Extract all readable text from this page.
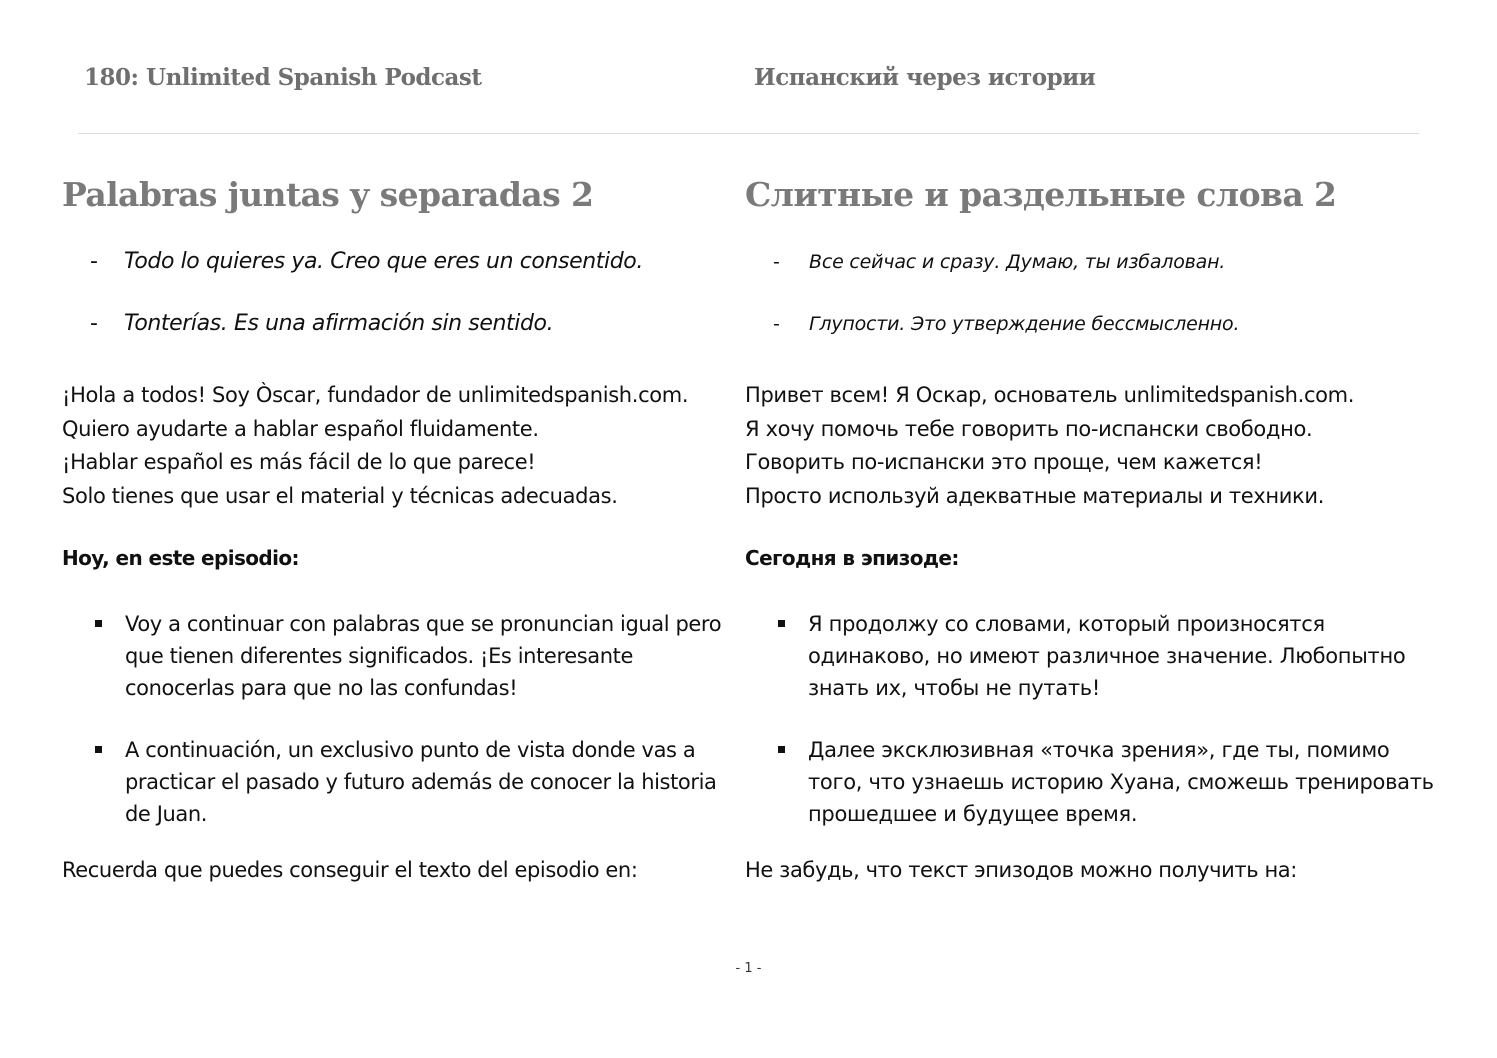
180: Unlimited Spanish Podcast	Испанский через истории
Palabras juntas y separadas 2
- Todo lo quieres ya. Creo que eres un consentido.
- Tonterías. Es una afirmación sin sentido.
¡Hola a todos! Soy Òscar, fundador de unlimitedspanish.com.
Quiero ayudarte a hablar español fluidamente.
¡Hablar español es más fácil de lo que parece!
Solo tienes que usar el material y técnicas adecuadas.
Hoy, en este episodio:
Voy a continuar con palabras que se pronuncian igual pero que tienen diferentes significados. ¡Es interesante conocerlas para que no las confundas!
A continuación, un exclusivo punto de vista donde vas a practicar el pasado y futuro además de conocer la historia de Juan.
Recuerda que puedes conseguir el texto del episodio en:
Слитные и раздельные слова 2
- Все сейчас и сразу. Думаю, ты избалован.
- Глупости. Это утверждение бессмысленно.
Привет всем! Я Оскар, основатель unlimitedspanish.com.
Я хочу помочь тебе говорить по-испански свободно.
Говорить по-испански это проще, чем кажется!
Просто используй адекватные материалы и техники.
Сегодня в эпизоде:
Я продолжу со словами, который произносятся одинаково, но имеют различное значение. Любопытно знать их, чтобы не путать!
Далее эксклюзивная «точка зрения», где ты, помимо того, что узнаешь историю Хуана, сможешь тренировать прошедшее и будущее время.
Не забудь, что текст эпизодов можно получить на:
- 1 -
